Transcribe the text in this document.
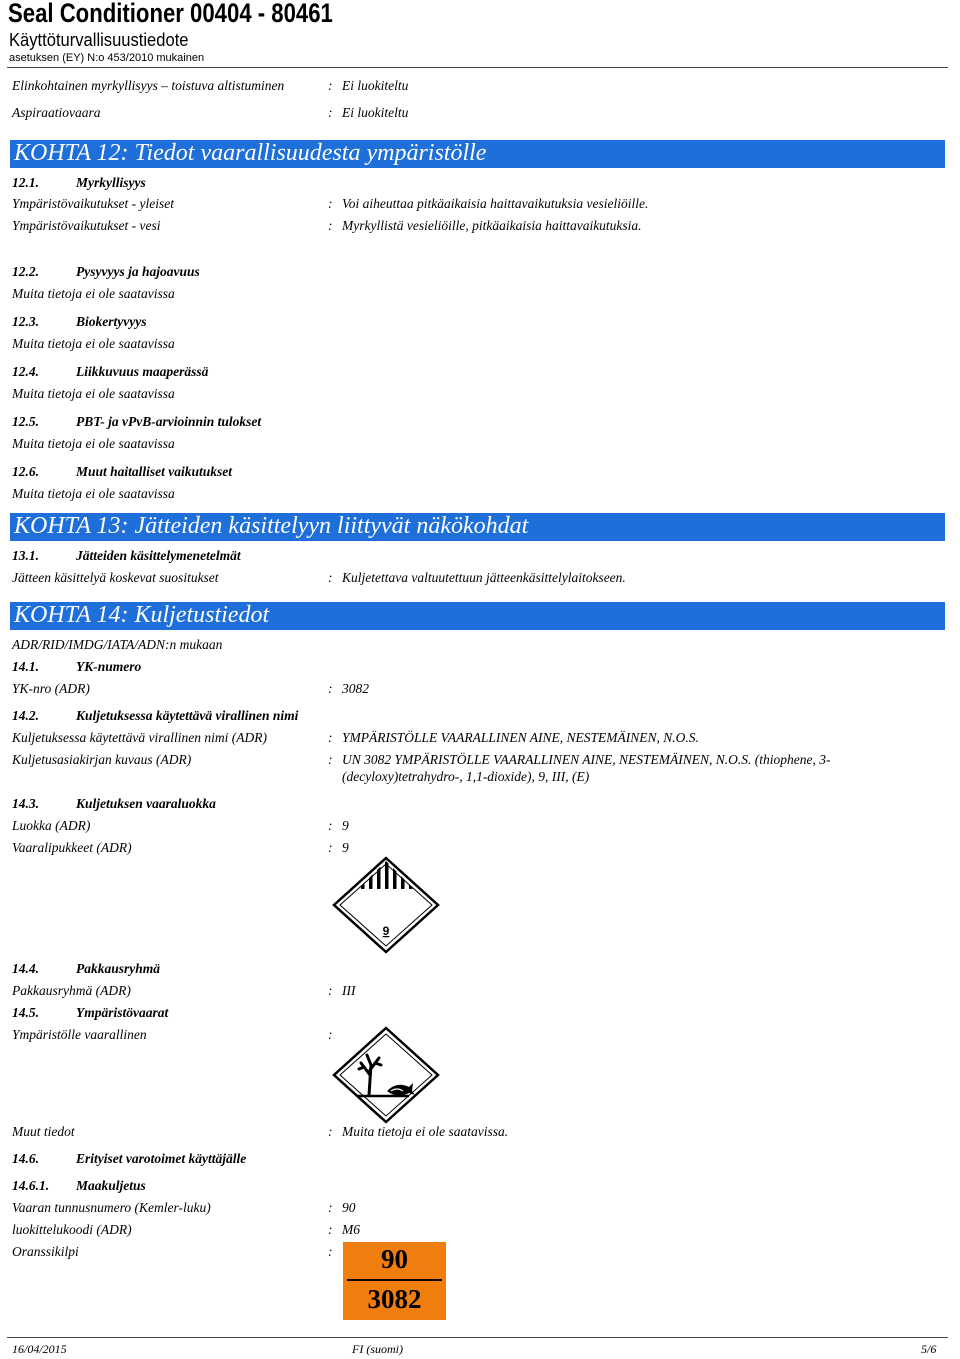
Seal Conditioner 00404 - 80461
Käyttöturvallisuustiedote
asetuksen (EY) N:o 453/2010 mukainen
Elinkohtainen myrkyllisyys – toistuva altistuminen	: Ei luokiteltu
Aspiraatiovaara	: Ei luokiteltu
KOHTA 12: Tiedot vaarallisuudesta ympäristölle
12.1.	Myrkyllisyys
Ympäristövaikutukset - yleiset	: Voi aiheuttaa pitkäaikaisia haittavaikutuksia vesieliöille.
Ympäristövaikutukset - vesi	: Myrkyllistä vesieliöille, pitkäaikaisia haittavaikutuksia.
12.2.	Pysyvyys ja hajoavuus
Muita tietoja ei ole saatavissa
12.3.	Biokertyvyys
Muita tietoja ei ole saatavissa
12.4.	Liikkuvuus maaperässä
Muita tietoja ei ole saatavissa
12.5.	PBT- ja vPvB-arvioinnin tulokset
Muita tietoja ei ole saatavissa
12.6.	Muut haitalliset vaikutukset
Muita tietoja ei ole saatavissa
KOHTA 13: Jätteiden käsittelyyn liittyvät näkökohdat
13.1.	Jätteiden käsittelymenetelmät
Jätteen käsittelyä koskevat suositukset	: Kuljetettava valtuutettuun jätteenkäsittelylaitokseen.
KOHTA 14: Kuljetustiedot
ADR/RID/IMDG/IATA/ADN:n mukaan
14.1.	YK-numero
YK-nro (ADR)	: 3082
14.2.	Kuljetuksessa käytettävä virallinen nimi
Kuljetuksessa käytettävä virallinen nimi (ADR)	: YMPÄRISTÖLLE VAARALLINEN AINE, NESTEMÄINEN, N.O.S.
Kuljetusasiakirjan kuvaus (ADR)	: UN 3082 YMPÄRISTÖLLE VAARALLINEN AINE, NESTEMÄINEN, N.O.S. (thiophene, 3-
(decyloxy)tetrahydro-, 1,1-dioxide), 9, III, (E)
14.3.	Kuljetuksen vaaraluokka
Luokka (ADR)	: 9
Vaaralipukkeet (ADR)	: 9
9
14.4.	Pakkausryhmä
Pakkausryhmä (ADR)	: III
14.5.	Ympäristövaarat
Ympäristölle vaarallinen	:
Muut tiedot	: Muita tietoja ei ole saatavissa.
14.6.	Erityiset varotoimet käyttäjälle
14.6.1. Maakuljetus
Vaaran tunnusnumero (Kemler-luku)	: 90
luokittelukoodi (ADR)	: M6
Oranssikilpi	:	90
3082
16/04/2015	FI (suomi)	5/6
